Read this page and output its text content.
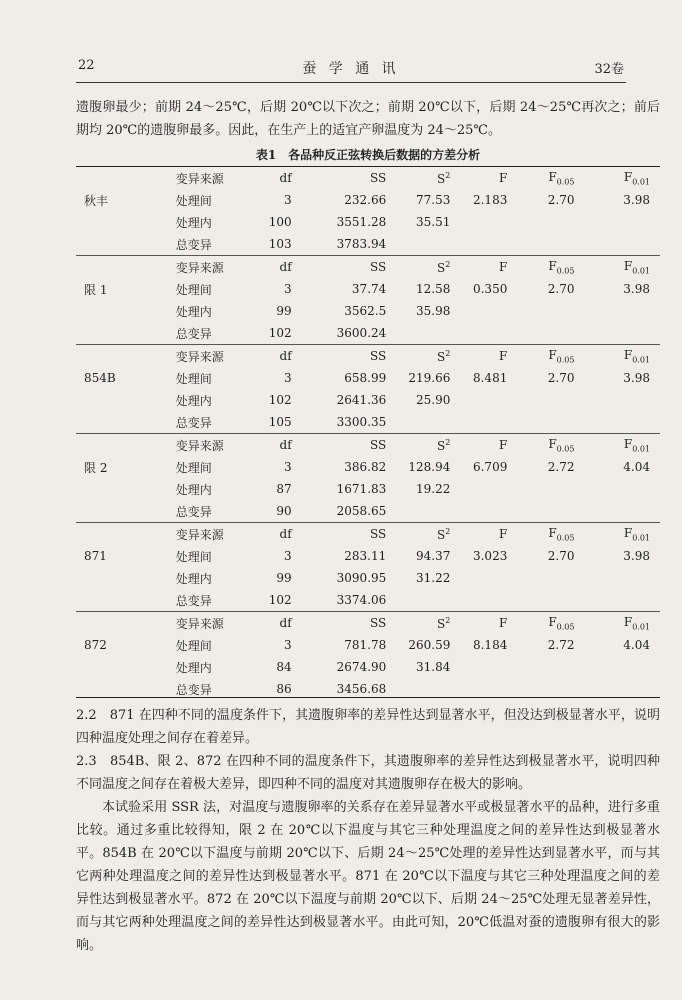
22	蚕 学 通 讯	32卷

遗腹卵最少；前期 24～25℃，后期 20℃以下次之；前期 20℃以下，后期 24～25℃再次之；前后期均 20℃的遗腹卵最多。因此，在生产上的适宜产卵温度为 24～25℃。

表1　各品种反正弦转换后数据的方差分析
	变异来源	df	SS	$S^2$	F	$F_{0.05}$	$F_{0.01}$
秋丰	处理间	3	232.66	77.53	2.183	2.70	3.98
	处理内	100	3551.28	35.51			
	总变异	103	3783.94				
	变异来源	df	SS	$S^2$	F	$F_{0.05}$	$F_{0.01}$
限 1	处理间	3	37.74	12.58	0.350	2.70	3.98
	处理内	99	3562.5	35.98			
	总变异	102	3600.24				
	变异来源	df	SS	$S^2$	F	$F_{0.05}$	$F_{0.01}$
854B	处理间	3	658.99	219.66	8.481	2.70	3.98
	处理内	102	2641.36	25.90			
	总变异	105	3300.35				
	变异来源	df	SS	$S^2$	F	$F_{0.05}$	$F_{0.01}$
限 2	处理间	3	386.82	128.94	6.709	2.72	4.04
	处理内	87	1671.83	19.22			
	总变异	90	2058.65				
	变异来源	df	SS	$S^2$	F	$F_{0.05}$	$F_{0.01}$
871	处理间	3	283.11	94.37	3.023	2.70	3.98
	处理内	99	3090.95	31.22			
	总变异	102	3374.06				
	变异来源	df	SS	$S^2$	F	$F_{0.05}$	$F_{0.01}$
872	处理间	3	781.78	260.59	8.184	2.72	4.04
	处理内	84	2674.90	31.84			
	总变异	86	3456.68				

2.2　871 在四种不同的温度条件下，其遗腹卵率的差异性达到显著水平，但没达到极显著水平，说明四种温度处理之间存在着差异。

2.3　854B、限 2、872 在四种不同的温度条件下，其遗腹卵率的差异性达到极显著水平，说明四种不同温度之间存在着极大差异，即四种不同的温度对其遗腹卵存在极大的影响。

本试验采用 SSR 法，对温度与遗腹卵率的关系存在差异显著水平或极显著水平的品种，进行多重比较。通过多重比较得知，限 2 在 20℃以下温度与其它三种处理温度之间的差异性达到极显著水平。854B 在 20℃以下温度与前期 20℃以下、后期 24～25℃处理的差异性达到显著水平，而与其它两种处理温度之间的差异性达到极显著水平。871 在 20℃以下温度与其它三种处理温度之间的差异性达到极显著水平。872 在 20℃以下温度与前期 20℃以下、后期 24～25℃处理无显著差异性，而与其它两种处理温度之间的差异性达到极显著水平。由此可知，20℃低温对蚕的遗腹卵有很大的影响。
